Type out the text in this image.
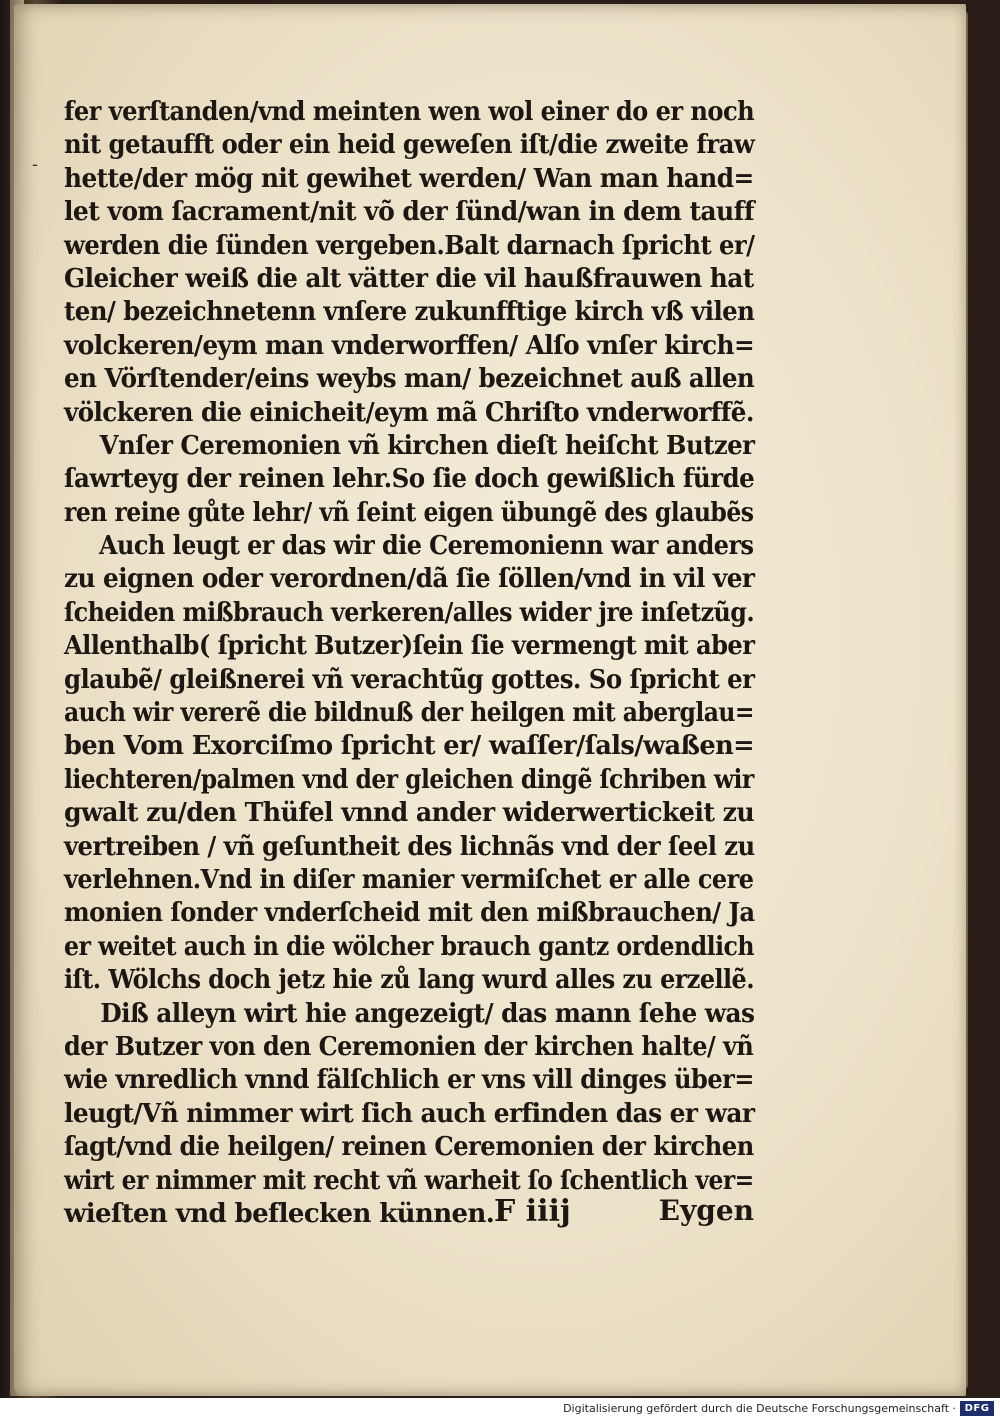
-
fer verſtanden/vnd meinten wen wol einer do er noch
nit getaufft oder ein heid geweſen iſt/die zweite fraw
hette/der mög nit gewihet werden/ Wan man hand=
let vom ſacrament/nit võ der ſünd/wan in dem tauff
werden die ſünden vergeben.Balt darnach ſpricht er/
Gleicher weiß die alt vätter die vil haußfrauwen hat
ten/ bezeichnetenn vnſere zukunfftige kirch vß vilen
volckeren/eym man vnderworffen/ Alſo vnſer kirch=
en Vörſtender/eins weybs man/ bezeichnet auß allen
völckeren die einicheit/eym mã Chriſto vnderworffẽ.
Vnſer Ceremonien vñ kirchen dieſt heiſcht Butzer
ſawrteyg der reinen lehr.So ſie doch gewißlich fürde
ren reine gůte lehr/ vñ ſeint eigen übungẽ des glaubẽs
Auch leugt er das wir die Ceremonienn war anders
zu eignen oder verordnen/dã ſie ſöllen/vnd in vil ver
ſcheiden mißbrauch verkeren/alles wider jre inſetzũg.
Allenthalb( ſpricht Butzer)ſein ſie vermengt mit aber
glaubẽ/ gleißnerei vñ verachtũg gottes. So ſpricht er
auch wir vererẽ die bildnuß der heilgen mit aberglau=
ben Vom Exorciſmo ſpricht er/ waſſer/ſals/waßen=
liechteren/palmen vnd der gleichen dingẽ ſchriben wir
gwalt zu/den Thüfel vnnd ander widerwertickeit zu
vertreiben / vñ geſuntheit des lichnãs vnd der ſeel zu
verlehnen.Vnd in diſer manier vermiſchet er alle cere
monien ſonder vnderſcheid mit den mißbrauchen/ Ja
er weitet auch in die wölcher brauch gantz ordendlich
iſt. Wölchs doch jetz hie zů lang wurd alles zu erzellẽ.
Diß alleyn wirt hie angezeigt/ das mann ſehe was
der Butzer von den Ceremonien der kirchen halte/ vñ
wie vnredlich vnnd fälſchlich er vns vill dinges über=
leugt/Vñ nimmer wirt ſich auch erfinden das er war
ſagt/vnd die heilgen/ reinen Ceremonien der kirchen
wirt er nimmer mit recht vñ warheit ſo ſchentlich ver=
wieſten vnd beflecken künnen. F iiij	Eygen
Digitalisierung gefördert durch die Deutsche Forschungsgemeinschaft · DFG
